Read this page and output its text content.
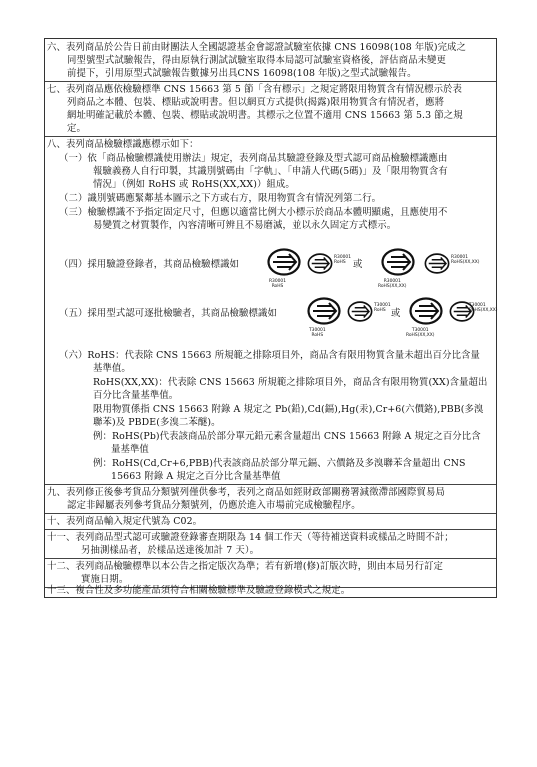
六、表列商品於公告日前由財團法人全國認證基金會認證試驗室依據 CNS 16098(108 年版)完成之
同型號型式試驗報告，得由原執行測試試驗室取得本局認可試驗室資格後，評估商品未變更
前提下，引用原型式試驗報告數據另出具CNS 16098(108 年版)之型式試驗報告。
七、表列商品應依檢驗標準 CNS 15663 第 5 節「含有標示」之規定將限用物質含有情況標示於表
列商品之本體、包裝、標貼或說明書。但以網頁方式提供(揭露)限用物質含有情況者，應將
網址明確記載於本體、包裝、標貼或說明書。其標示之位置不適用 CNS 15663 第 5.3 節之規
定。
八、表列商品檢驗標識應標示如下：
（一）依「商品檢驗標識使用辦法」規定，表列商品其驗證登錄及型式認可商品檢驗標識應由
報驗義務人自行印製，其識別號碼由「字軌」、「申請人代碼(5碼)」及「限用物質含有
情況」（例如 RoHS 或 RoHS(XX,XX)）組成。
（二）識別號碼應緊鄰基本圖示之下方或右方，限用物質含有情況列第二行。
（三）檢驗標識不予指定固定尺寸，但應以適當比例大小標示於商品本體明顯處，且應使用不
易變質之材質製作，內容清晰可辨且不易磨滅，並以永久固定方式標示。
（四）採用驗證登錄者，其商品檢驗標識如
R30001
RoHS
R30001
RoHS 或
R30001
RoHS(XX,XX)
R30001
RoHS(XX,XX)
（五）採用型式認可逐批檢驗者，其商品檢驗標識如
T30001
RoHS
T30001
RoHS 或
T30001
RoHS(XX,XX)
T30001
RoHS(XX,XX)
（六）RoHS：代表除 CNS 15663 所規範之排除項目外，商品含有限用物質含量未超出百分比含量
基準值。
RoHS(XX,XX)：代表除 CNS 15663 所規範之排除項目外，商品含有限用物質(XX)含量超出
百分比含量基準值。
限用物質係指 CNS 15663 附錄 A 規定之 Pb(鉛),Cd(鎘),Hg(汞),Cr+6(六價鉻),PBB(多溴
聯苯)及 PBDE(多溴二苯醚)。
例：RoHS(Pb)代表該商品於部分單元鉛元素含量超出 CNS 15663 附錄 A 規定之百分比含
量基準值
例：RoHS(Cd,Cr+6,PBB)代表該商品於部分單元鎘、六價鉻及多溴聯苯含量超出 CNS
15663 附錄 A 規定之百分比含量基準值
九、表列修正後參考貨品分類號列僅供參考，表列之商品如經財政部關務署減徵滯部國際貿易局
認定非歸屬表列參考貨品分類號列，仍應於進入市場前完成檢驗程序。
十、表列商品輸入規定代號為 C02。
十一、表列商品型式認可或驗證登錄審查期限為 14 個工作天（等待補送資料或樣品之時間不計；
另抽測樣品者，於樣品送達後加計 7 天）。
十二、表列商品檢驗標準以本公告之指定版次為準；若有新增(修)訂版次時，則由本局另行訂定
實施日期。
十三、複合性及多功能產品須符合相關檢驗標準及驗證登錄模式之規定。
